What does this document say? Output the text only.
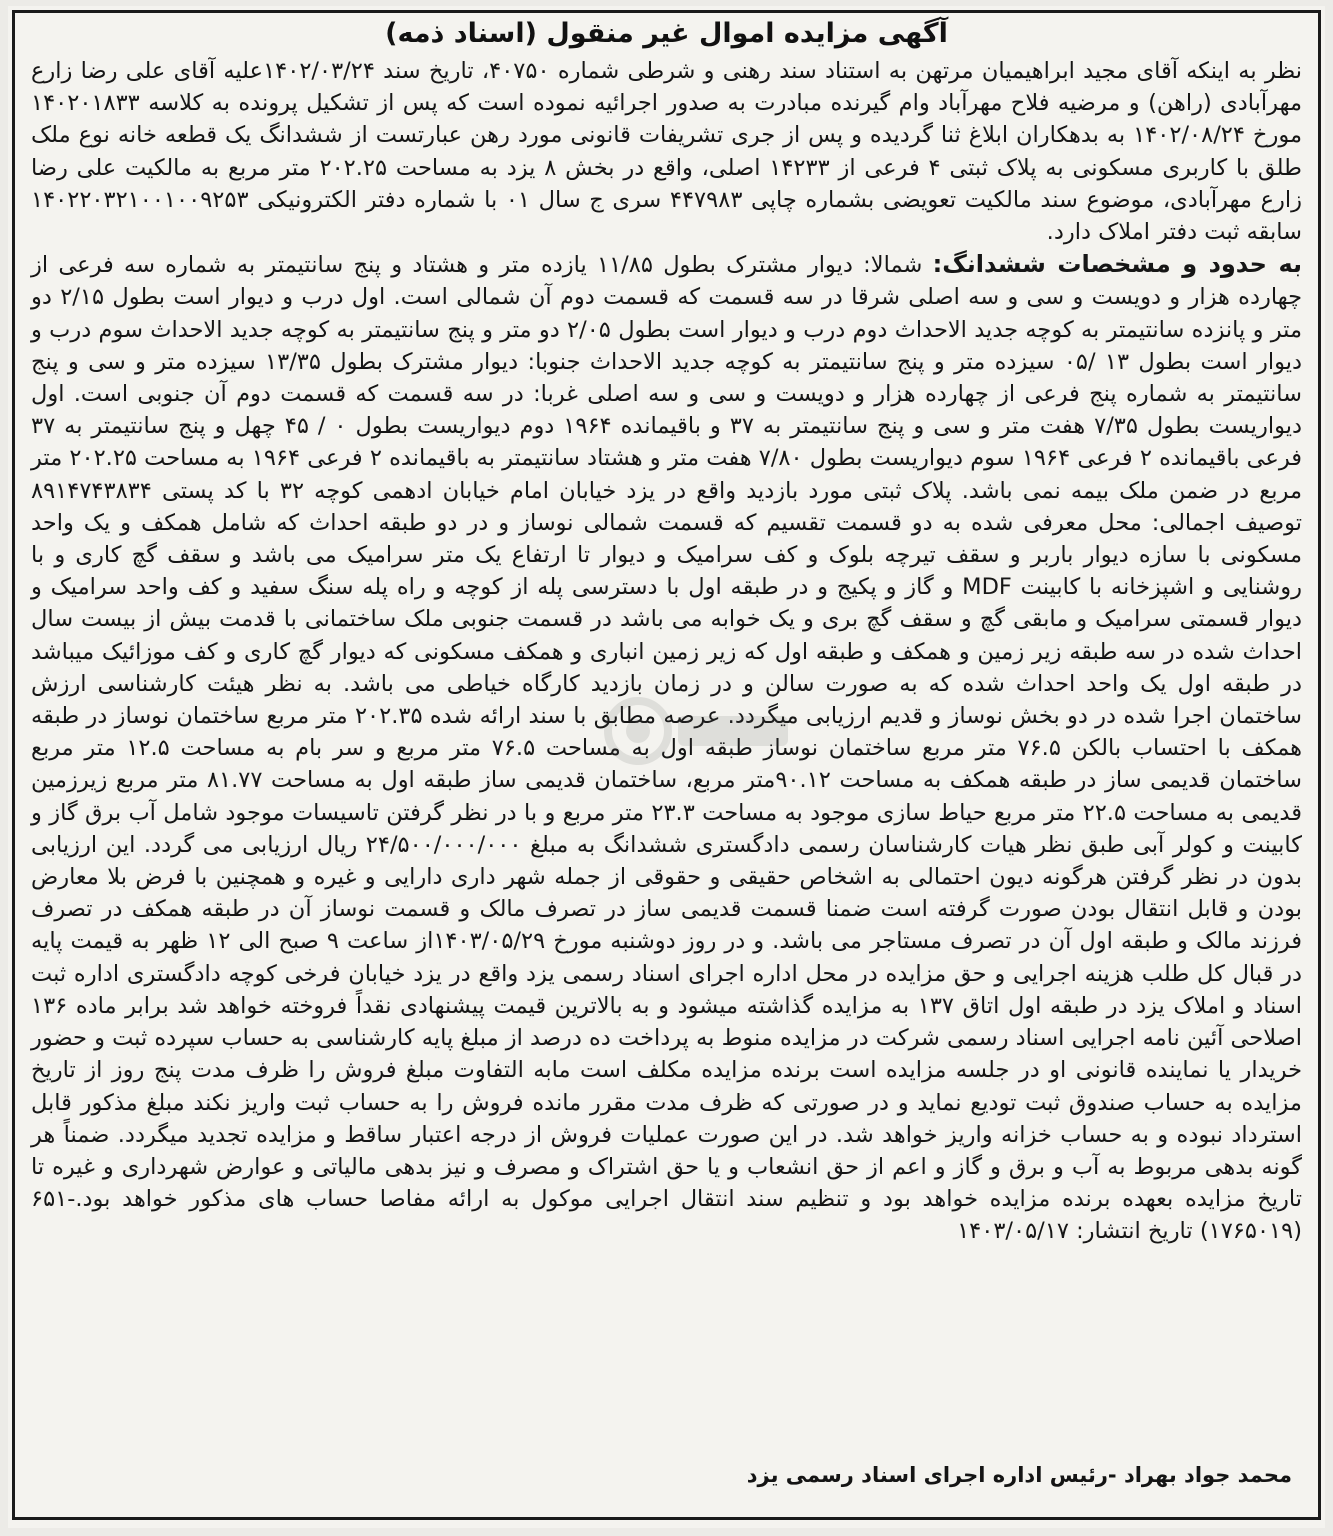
آگهی مزایده اموال غیر منقول (اسناد ذمه)

نظر به اینکه آقای مجید ابراهیمیان مرتهن به استناد سند رهنی و شرطی شماره ۴۰۷۵۰، تاریخ سند ۱۴۰۲/۰۳/۲۴علیه آقای علی رضا زارع مهرآبادی (راهن) و مرضیه فلاح مهرآباد وام گیرنده مبادرت به صدور اجرائیه نموده است که پس از تشکیل پرونده به کلاسه ۱۴۰۲۰۱۸۳۳ مورخ ۱۴۰۲/۰۸/۲۴ به بدهکاران ابلاغ ثنا گردیده و پس از جری تشریفات قانونی مورد رهن عبارتست از ششدانگ یک قطعه خانه نوع ملک طلق با کاربری مسکونی به پلاک ثبتی ۴ فرعی از ۱۴۲۳۳ اصلی، واقع در بخش ۸ یزد به مساحت ۲۰۲.۲۵ متر مربع به مالکیت علی رضا زارع مهرآبادی، موضوع سند مالکیت تعویضی بشماره چاپی ۴۴۷۹۸۳ سری ج سال ۰۱ با شماره دفتر الکترونیکی ۱۴۰۲۲۰۳۲۱۰۰۱۰۰۹۲۵۳ سابقه ثبت دفتر املاک دارد.

به حدود و مشخصات ششدانگ: شمالا: دیوار مشترک بطول ۱۱/۸۵ یازده متر و هشتاد و پنج سانتیمتر به شماره سه فرعی از چهارده هزار و دویست و سی و سه اصلی شرقا در سه قسمت که قسمت دوم آن شمالی است. اول درب و دیوار است بطول ۲/۱۵ دو متر و پانزده سانتیمتر به کوچه جدید الاحداث دوم درب و دیوار است بطول ۲/۰۵ دو متر و پنج سانتیمتر به کوچه جدید الاحداث سوم درب و دیوار است بطول ۱۳ /۰۵ سیزده متر و پنج سانتیمتر به کوچه جدید الاحداث جنوبا: دیوار مشترک بطول ۱۳/۳۵ سیزده متر و سی و پنج سانتیمتر به شماره پنج فرعی از چهارده هزار و دویست و سی و سه اصلی غربا: در سه قسمت که قسمت دوم آن جنوبی است. اول دیواریست بطول ۷/۳۵ هفت متر و سی و پنج سانتیمتر به ۳۷ و باقیمانده ۱۹۶۴ دوم دیواریست بطول ۰ / ۴۵ چهل و پنج سانتیمتر به ۳۷ فرعی باقیمانده ۲ فرعی ۱۹۶۴ سوم دیواریست بطول ۷/۸۰ هفت متر و هشتاد سانتیمتر به باقیمانده ۲ فرعی ۱۹۶۴ به مساحت ۲۰۲.۲۵ متر مربع در ضمن ملک بیمه نمی باشد. پلاک ثبتی مورد بازدید واقع در یزد خیابان امام خیابان ادهمی کوچه ۳۲ با کد پستی ۸۹۱۴۷۴۳۸۳۴ توصیف اجمالی: محل معرفی شده به دو قسمت تقسیم که قسمت شمالی نوساز و در دو طبقه احداث که شامل همکف و یک واحد مسکونی با سازه دیوار باربر و سقف تیرچه بلوک و کف سرامیک و دیوار تا ارتفاع یک متر سرامیک می باشد و سقف گچ کاری و با روشنایی و اشپزخانه با کابینت MDF و گاز و پکیج و در طبقه اول با دسترسی پله از کوچه و راه پله سنگ سفید و کف واحد سرامیک و دیوار قسمتی سرامیک و مابقی گچ و سقف گچ بری و یک خوابه می باشد در قسمت جنوبی ملک ساختمانی با قدمت بیش از بیست سال احداث شده در سه طبقه زیر زمین و همکف و طبقه اول که زیر زمین انباری و همکف مسکونی که دیوار گچ کاری و کف موزائیک میباشد در طبقه اول یک واحد احداث شده که به صورت سالن و در زمان بازدید کارگاه خیاطی می باشد. به نظر هیئت کارشناسی ارزش ساختمان اجرا شده در دو بخش نوساز و قدیم ارزیابی میگردد. عرصه مطابق با سند ارائه شده ۲۰۲.۳۵ متر مربع ساختمان نوساز در طبقه همکف با احتساب بالکن ۷۶.۵ متر مربع ساختمان نوساز طبقه اول به مساحت ۷۶.۵ متر مربع و سر بام به مساحت ۱۲.۵ متر مربع ساختمان قدیمی ساز در طبقه همکف به مساحت ۹۰.۱۲متر مربع، ساختمان قدیمی ساز طبقه اول به مساحت ۸۱.۷۷ متر مربع زیرزمین قدیمی به مساحت ۲۲.۵ متر مربع حیاط سازی موجود به مساحت ۲۳.۳ متر مربع و با در نظر گرفتن تاسیسات موجود شامل آب برق گاز و کابینت و کولر آبی طبق نظر هیات کارشناسان رسمی دادگستری ششدانگ به مبلغ ۲۴/۵۰۰/۰۰۰/۰۰۰ ریال ارزیابی می گردد. این ارزیابی بدون در نظر گرفتن هرگونه دیون احتمالی به اشخاص حقیقی و حقوقی از جمله شهر داری دارایی و غیره و همچنین با فرض بلا معارض بودن و قابل انتقال بودن صورت گرفته است ضمنا قسمت قدیمی ساز در تصرف مالک و قسمت نوساز آن در طبقه همکف در تصرف فرزند مالک و طبقه اول آن در تصرف مستاجر می باشد. و در روز دوشنبه مورخ ۱۴۰۳/۰۵/۲۹از ساعت ۹ صبح الی ۱۲ ظهر به قیمت پایه در قبال کل طلب هزینه اجرایی و حق مزایده در محل اداره اجرای اسناد رسمی یزد واقع در یزد خیابان فرخی کوچه دادگستری اداره ثبت اسناد و املاک یزد در طبقه اول اتاق ۱۳۷ به مزایده گذاشته میشود و به بالاترین قیمت پیشنهادی نقداً فروخته خواهد شد برابر ماده ۱۳۶ اصلاحی آئین نامه اجرایی اسناد رسمی شرکت در مزایده منوط به پرداخت ده درصد از مبلغ پایه کارشناسی به حساب سپرده ثبت و حضور خریدار یا نماینده قانونی او در جلسه مزایده است برنده مزایده مکلف است مابه التفاوت مبلغ فروش را ظرف مدت پنج روز از تاریخ مزایده به حساب صندوق ثبت تودیع نماید و در صورتی که ظرف مدت مقرر مانده فروش را به حساب ثبت واریز نکند مبلغ مذکور قابل استرداد نبوده و به حساب خزانه واریز خواهد شد. در این صورت عملیات فروش از درجه اعتبار ساقط و مزایده تجدید میگردد. ضمناً هر گونه بدهی مربوط به آب و برق و گاز و اعم از حق انشعاب و یا حق اشتراک و مصرف و نیز بدهی مالیاتی و عوارض شهرداری و غیره تا تاریخ مزایده بعهده برنده مزایده خواهد بود و تنظیم سند انتقال اجرایی موکول به ارائه مفاصا حساب های مذکور خواهد بود.-۶۵۱ (۱۷۶۵۰۱۹) تاریخ انتشار: ۱۴۰۳/۰۵/۱۷

محمد جواد بهراد -رئیس اداره اجرای اسناد رسمی یزد
